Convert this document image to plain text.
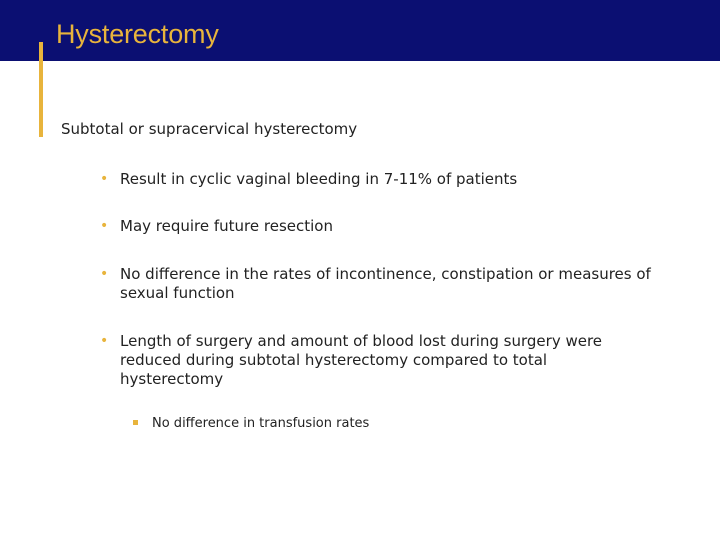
Hysterectomy
Subtotal or supracervical hysterectomy
• Result in cyclic vaginal bleeding in 7-11% of patients
• May require future resection
• No difference in the rates of incontinence, constipation or measures of sexual function
• Length of surgery and amount of blood lost during surgery were reduced during subtotal hysterectomy compared to total hysterectomy
No difference in transfusion rates
